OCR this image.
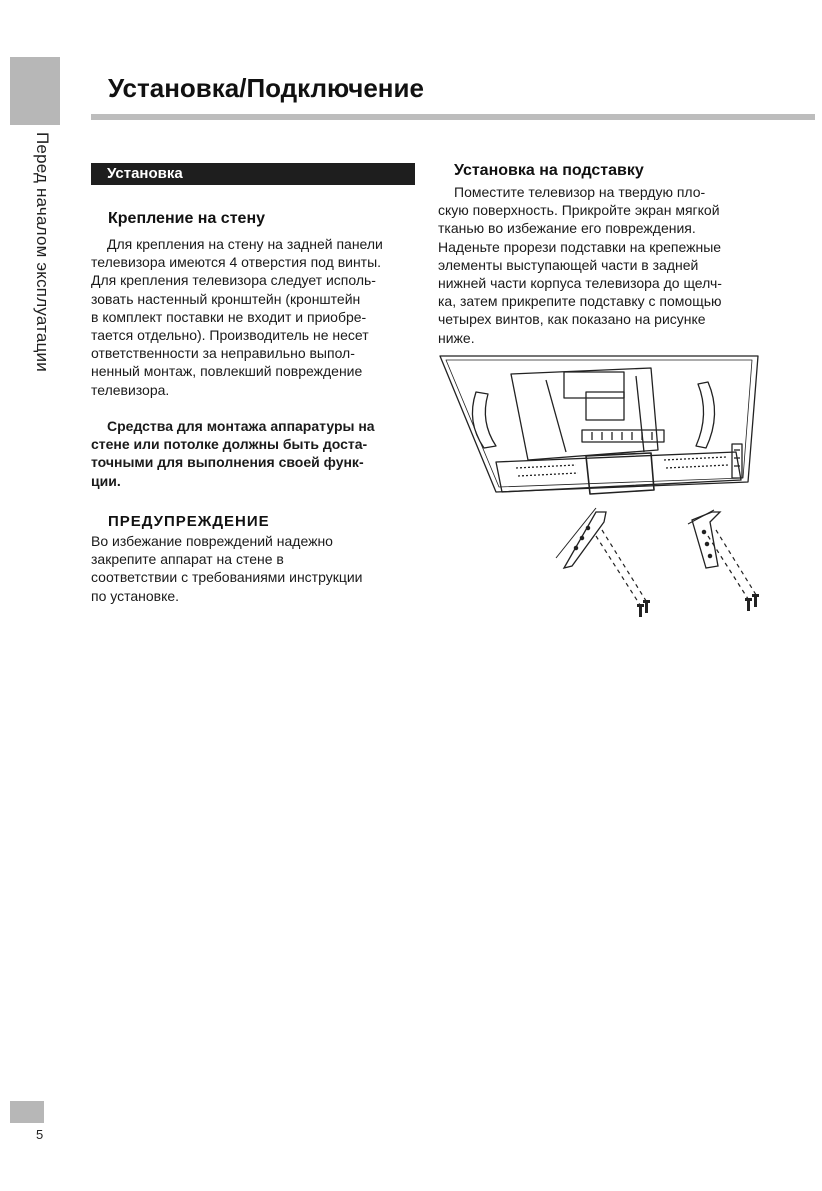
Перед началом эксплуатации
Установка/Подключение
Установка
Крепление на стену
Для крепления на стену на задней панели
телевизора имеются 4 отверстия под винты.
Для крепления телевизора следует исполь-
зовать настенный кронштейн (кронштейн
в комплект поставки не входит и приобре-
тается отдельно). Производитель не несет
ответственности за неправильно выпол-
ненный монтаж, повлекший повреждение
телевизора.
Средства для монтажа аппаратуры на
стене или потолке должны быть доста-
точными для выполнения своей функ-
ции.
ПРЕДУПРЕЖДЕНИЕ
Во избежание повреждений надежно
закрепите аппарат на стене в
соответствии с требованиями инструкции
по установке.
Установка на подставку
Поместите телевизор на твердую пло-
скую поверхность. Прикройте экран мягкой
тканью во избежание его повреждения.
Наденьте прорези подставки на крепежные
элементы выступающей части в задней
нижней части корпуса телевизора до щелч-
ка, затем прикрепите подставку с помощью
четырех винтов, как показано на рисунке
ниже.
5
